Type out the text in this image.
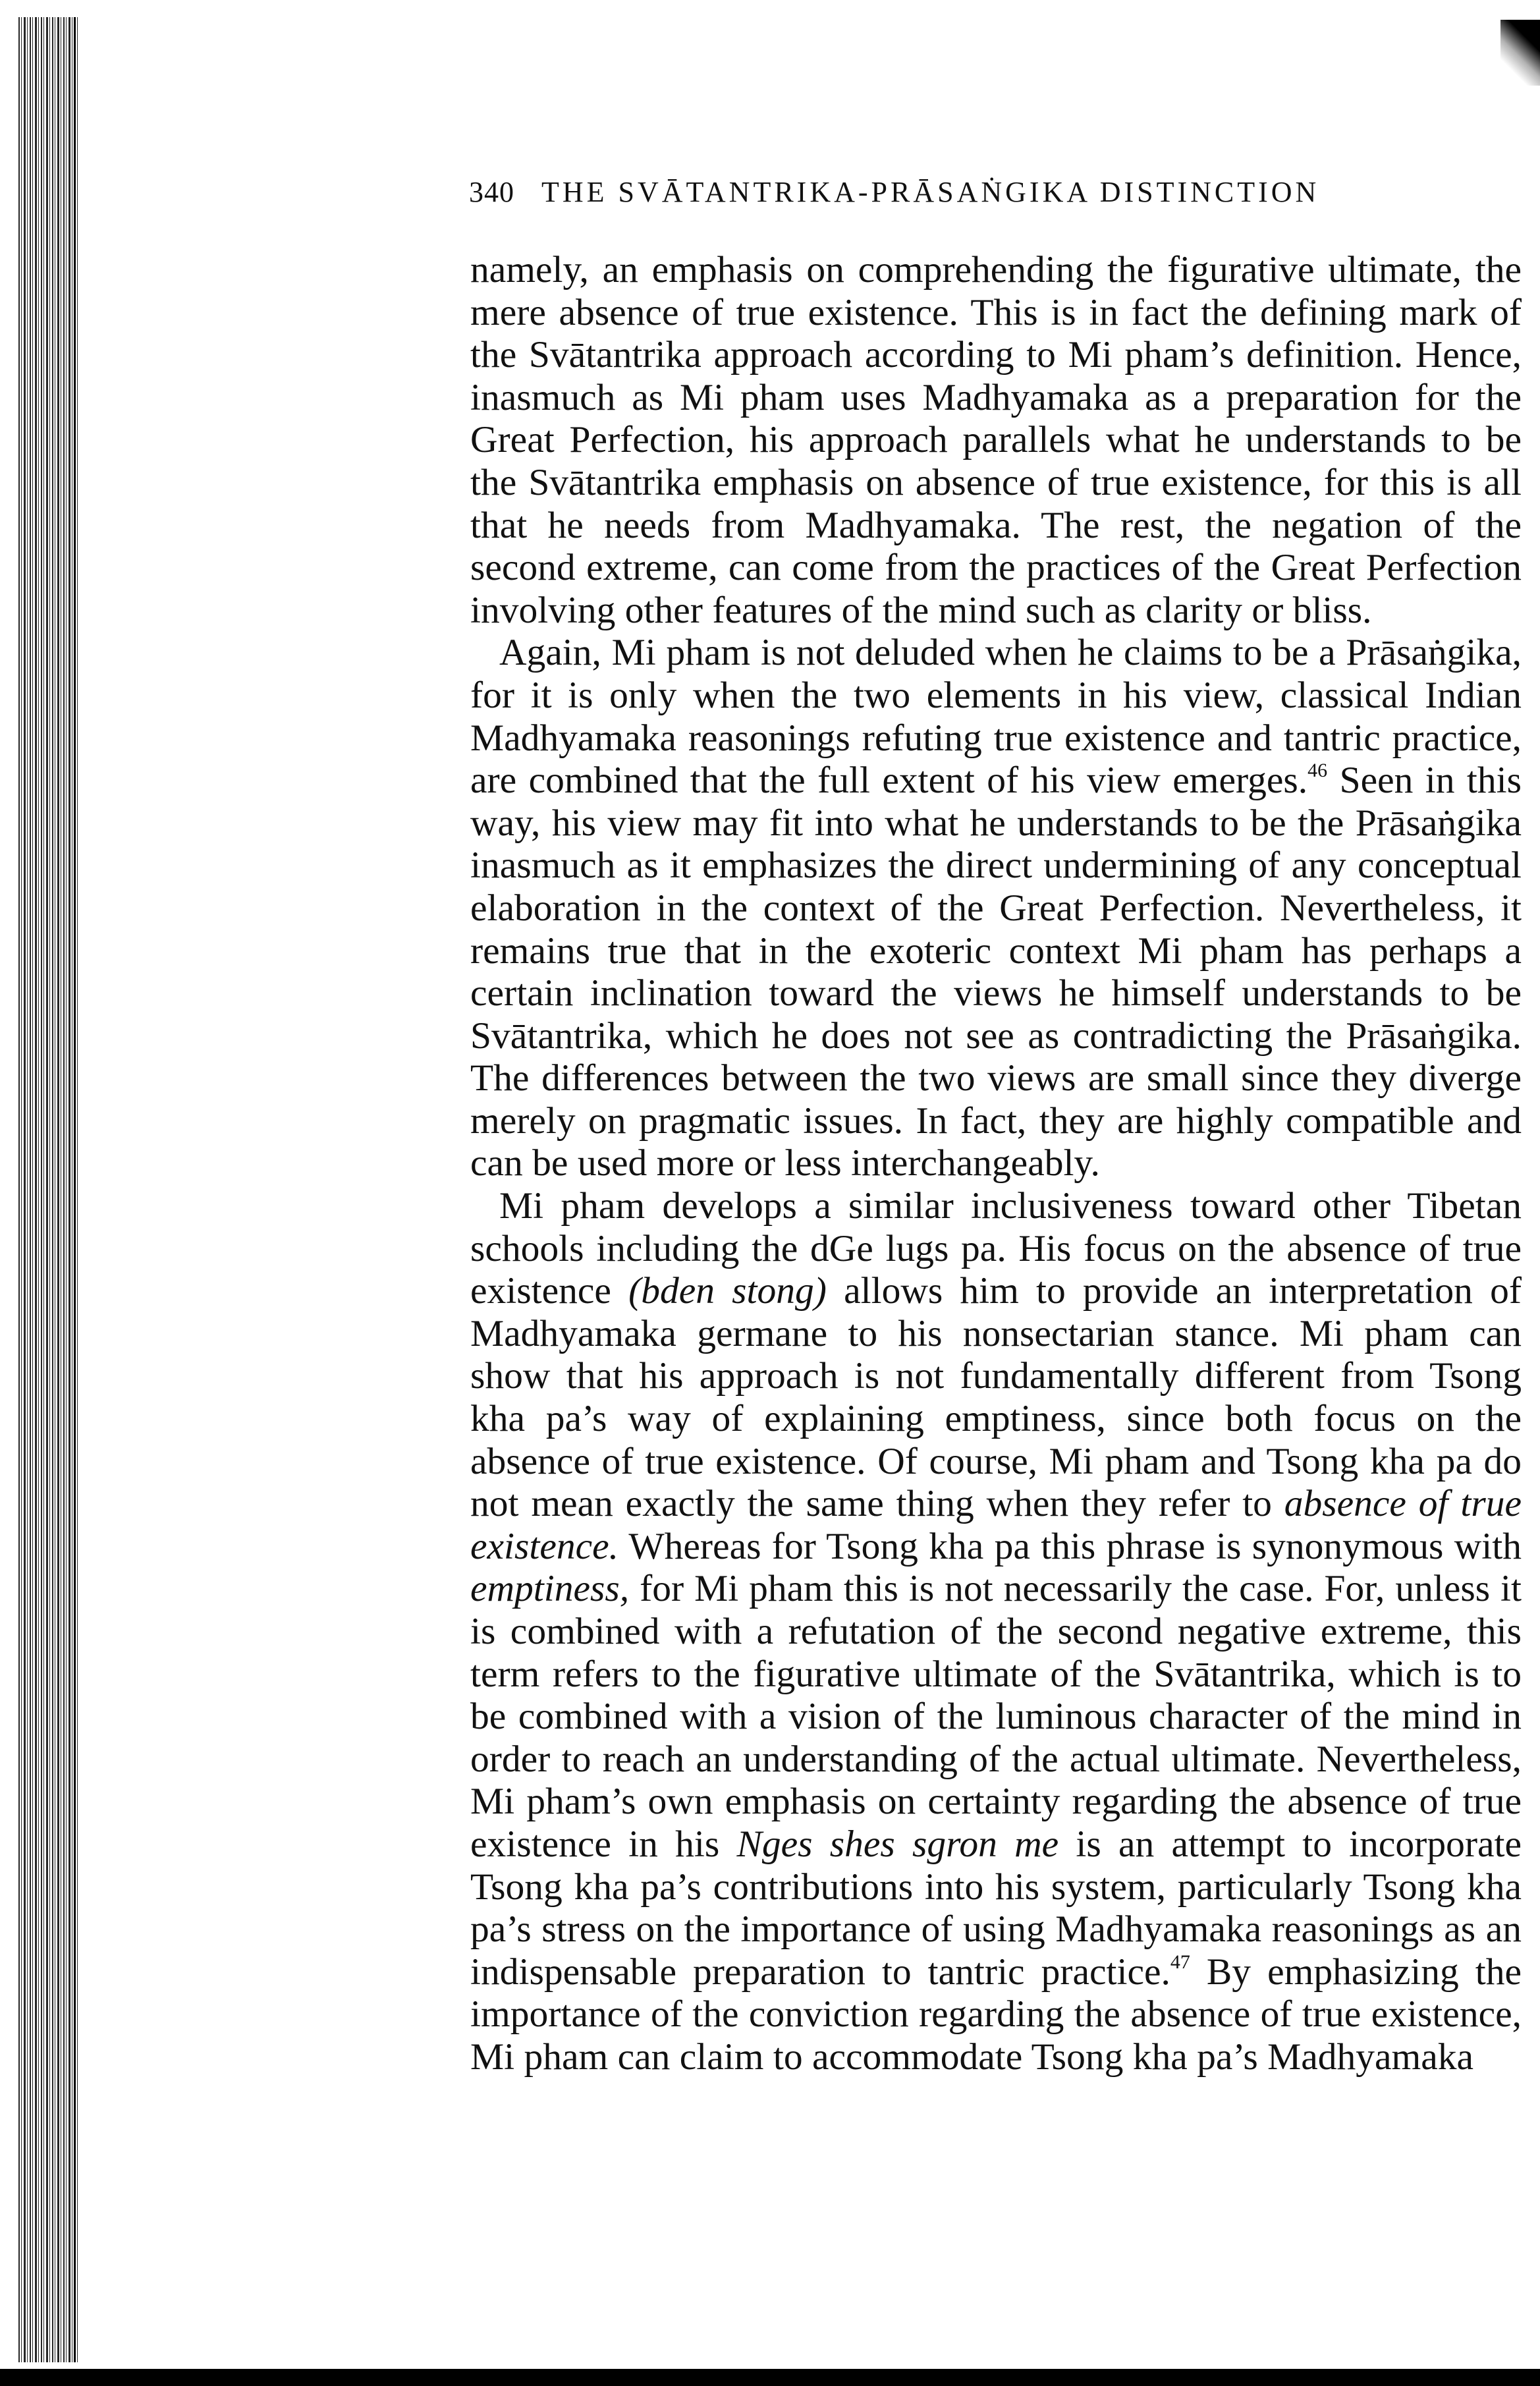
340 THE SVĀTANTRIKA-PRĀSAṄGIKA DISTINCTION

namely, an emphasis on comprehending the figurative ultimate, the mere absence of true existence. This is in fact the defining mark of the Svātantrika approach according to Mi pham’s definition. Hence, inasmuch as Mi pham uses Madhyamaka as a preparation for the Great Perfection, his approach parallels what he understands to be the Svātantrika emphasis on absence of true existence, for this is all that he needs from Madhyamaka. The rest, the negation of the second extreme, can come from the practices of the Great Perfection involving other features of the mind such as clarity or bliss.

Again, Mi pham is not deluded when he claims to be a Prāsaṅgika, for it is only when the two elements in his view, classical Indian Madhyamaka reasonings refuting true existence and tantric practice, are combined that the full extent of his view emerges.$^{46}$ Seen in this way, his view may fit into what he understands to be the Prāsaṅgika inasmuch as it emphasizes the direct undermining of any conceptual elaboration in the context of the Great Perfection. Nevertheless, it remains true that in the exoteric context Mi pham has perhaps a certain inclination toward the views he himself understands to be Svātantrika, which he does not see as contradicting the Prāsaṅgika. The differences between the two views are small since they diverge merely on pragmatic issues. In fact, they are highly compatible and can be used more or less interchangeably.

Mi pham develops a similar inclusiveness toward other Tibetan schools including the dGe lugs pa. His focus on the absence of true existence (bden stong) allows him to provide an interpretation of Madhyamaka germane to his nonsectarian stance. Mi pham can show that his approach is not fundamentally different from Tsong kha pa’s way of explaining emptiness, since both focus on the absence of true existence. Of course, Mi pham and Tsong kha pa do not mean exactly the same thing when they refer to absence of true existence. Whereas for Tsong kha pa this phrase is synonymous with emptiness, for Mi pham this is not necessarily the case. For, unless it is combined with a refutation of the second negative extreme, this term refers to the figurative ultimate of the Svātantrika, which is to be combined with a vision of the luminous character of the mind in order to reach an understanding of the actual ultimate. Nevertheless, Mi pham’s own emphasis on certainty regarding the absence of true existence in his Nges shes sgron me is an attempt to incorporate Tsong kha pa’s contributions into his system, particularly Tsong kha pa’s stress on the importance of using Madhyamaka reasonings as an indispensable preparation to tantric practice.$^{47}$ By emphasizing the importance of the conviction regarding the absence of true existence, Mi pham can claim to accommodate Tsong kha pa’s Madhyamaka
